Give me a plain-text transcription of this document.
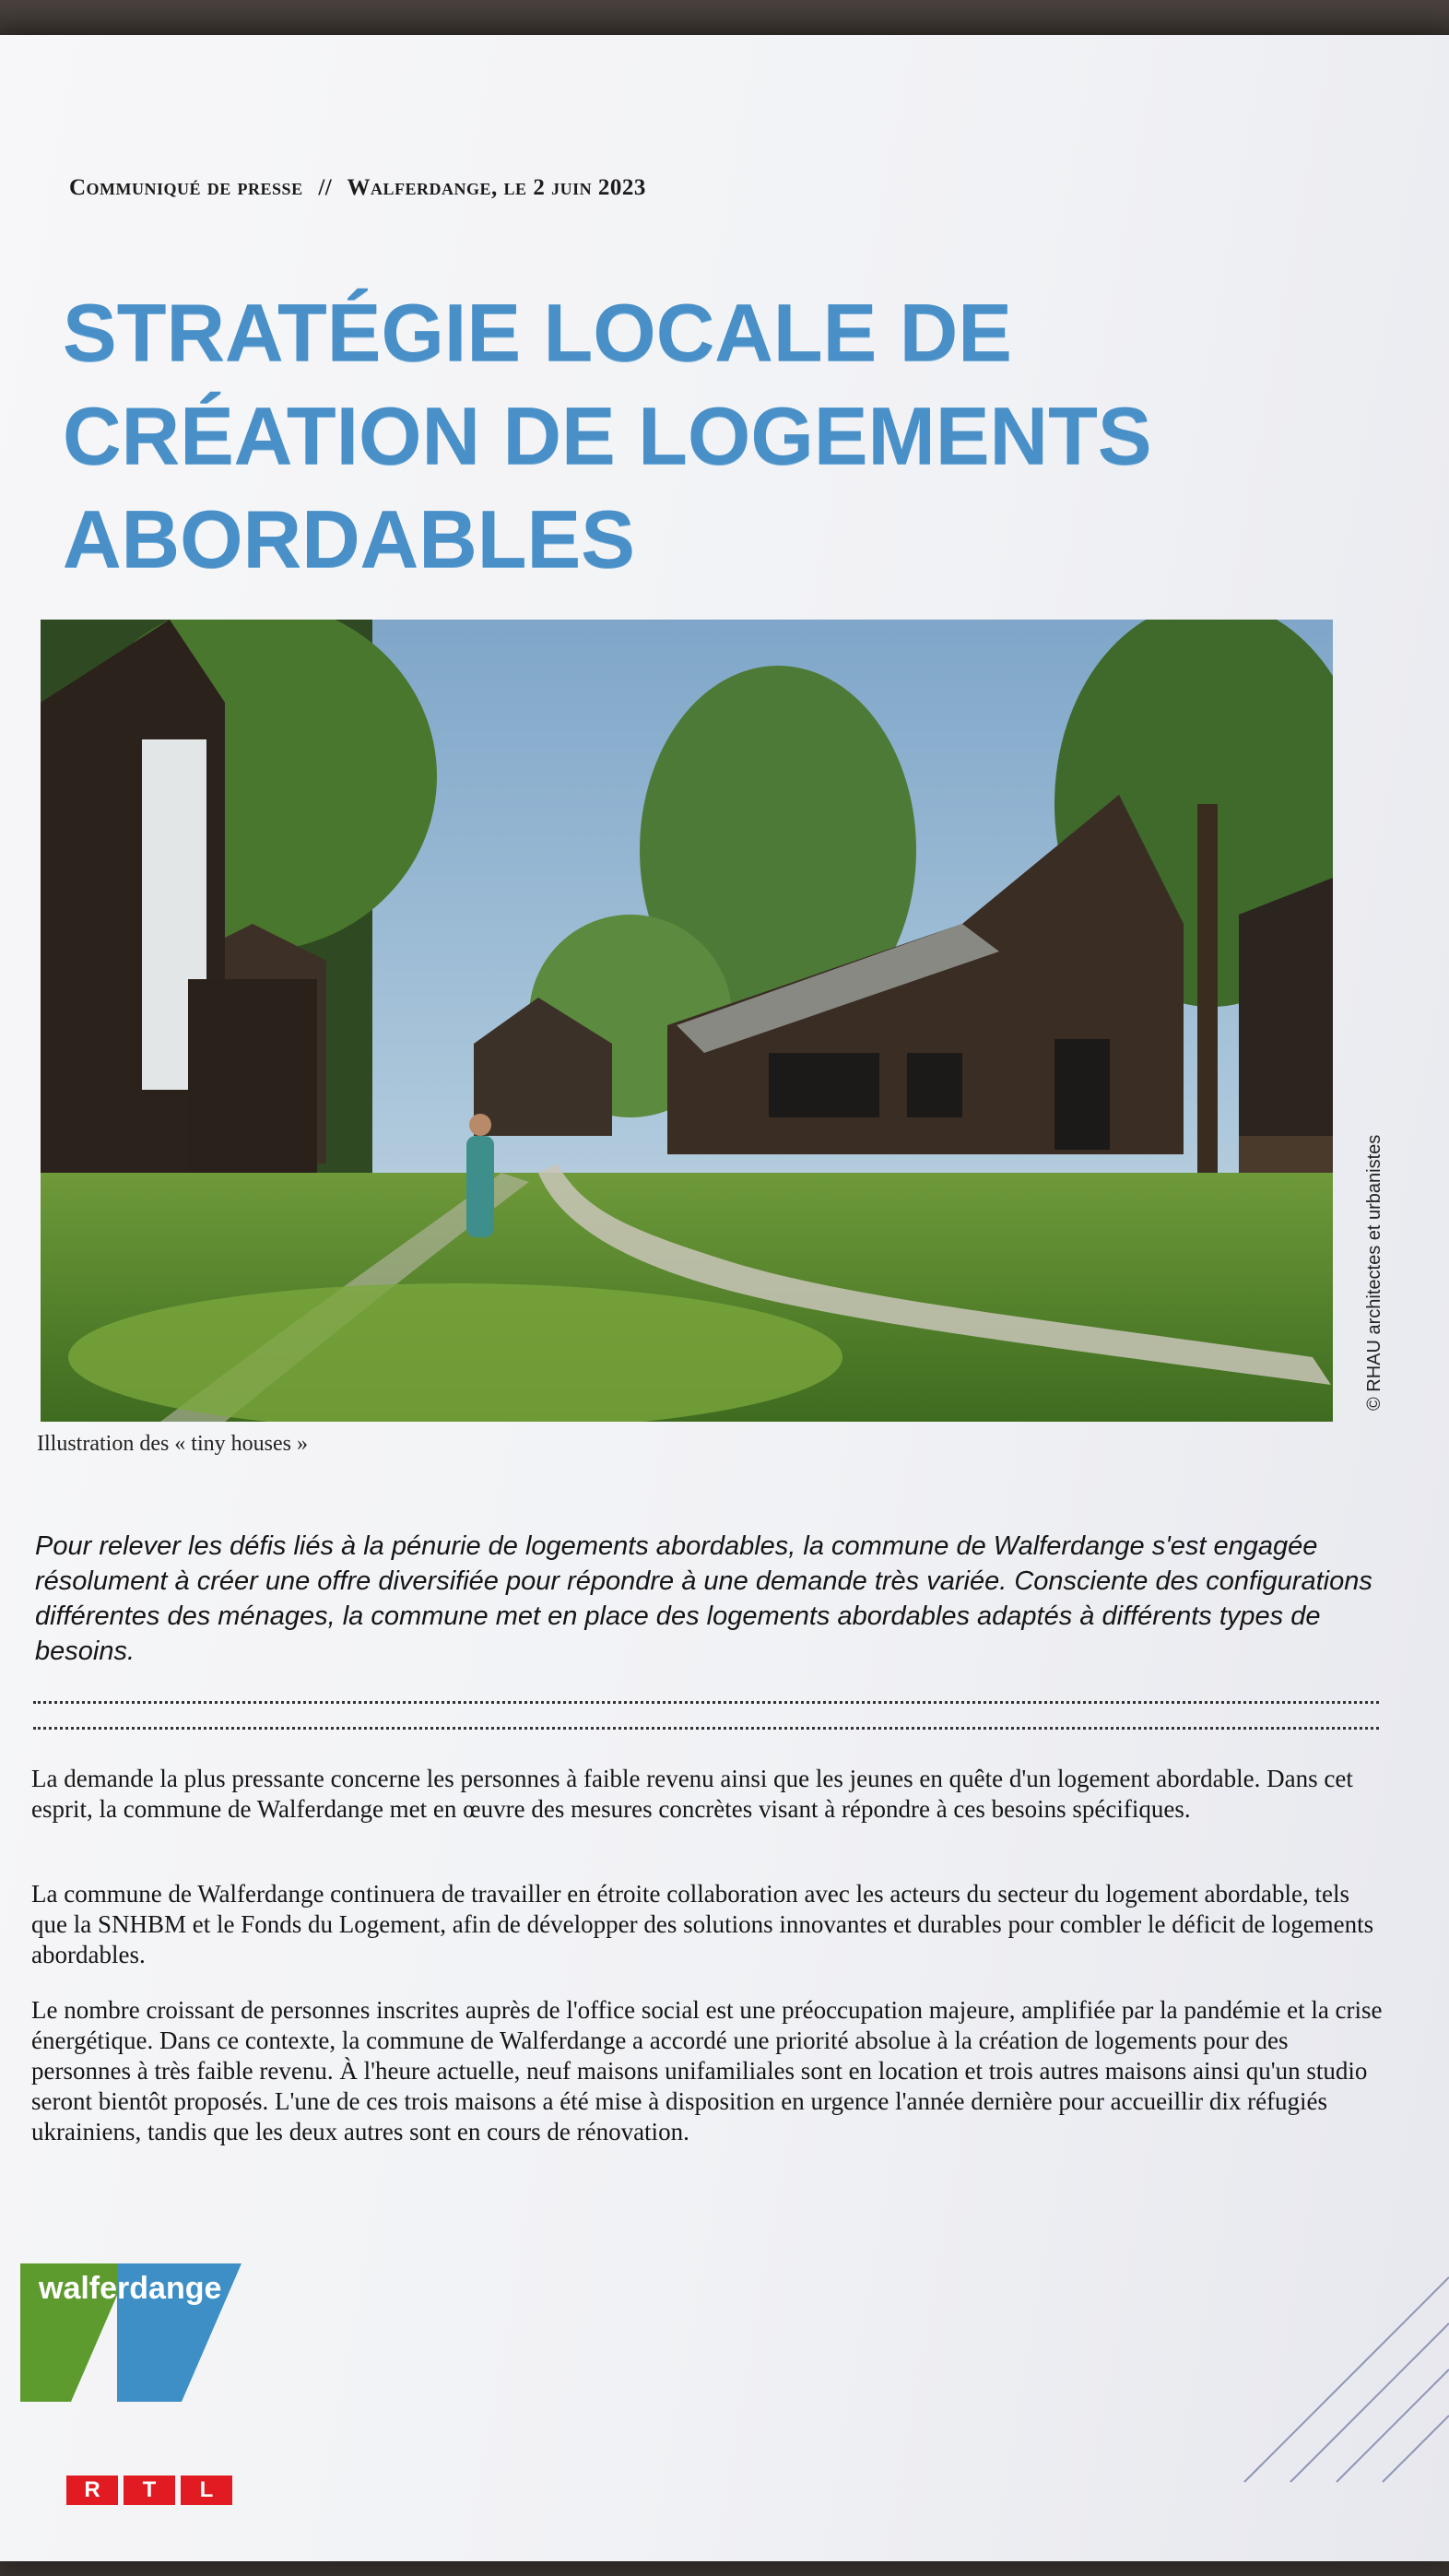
Communiqué de presse // Walferdange, le 2 juin 2023
STRATÉGIE LOCALE DE
CRÉATION DE LOGEMENTS
ABORDABLES
© RHAU architectes et urbanistes
Illustration des « tiny houses »
Pour relever les défis liés à la pénurie de logements abordables, la commune de Walferdange s'est engagée résolument à créer une offre diversifiée pour répondre à une demande très variée. Consciente des configurations différentes des ménages, la commune met en place des logements abordables adaptés à différents types de besoins.
La demande la plus pressante concerne les personnes à faible revenu ainsi que les jeunes en quête d'un logement abordable. Dans cet esprit, la commune de Walferdange met en œuvre des mesures concrètes visant à répondre à ces besoins spécifiques.
La commune de Walferdange continuera de travailler en étroite collaboration avec les acteurs du secteur du logement abordable, tels que la SNHBM et le Fonds du Logement, afin de développer des solutions innovantes et durables pour combler le déficit de logements abordables.
Le nombre croissant de personnes inscrites auprès de l'office social est une préoccupation majeure, amplifiée par la pandémie et la crise énergétique. Dans ce contexte, la commune de Walferdange a accordé une priorité absolue à la création de logements pour des personnes à très faible revenu. À l'heure actuelle, neuf maisons unifamiliales sont en location et trois autres maisons ainsi qu'un studio seront bientôt proposés. L'une de ces trois maisons a été mise à disposition en urgence l'année dernière pour accueillir dix réfugiés ukrainiens, tandis que les deux autres sont en cours de rénovation.
walferdange
R	T	L
